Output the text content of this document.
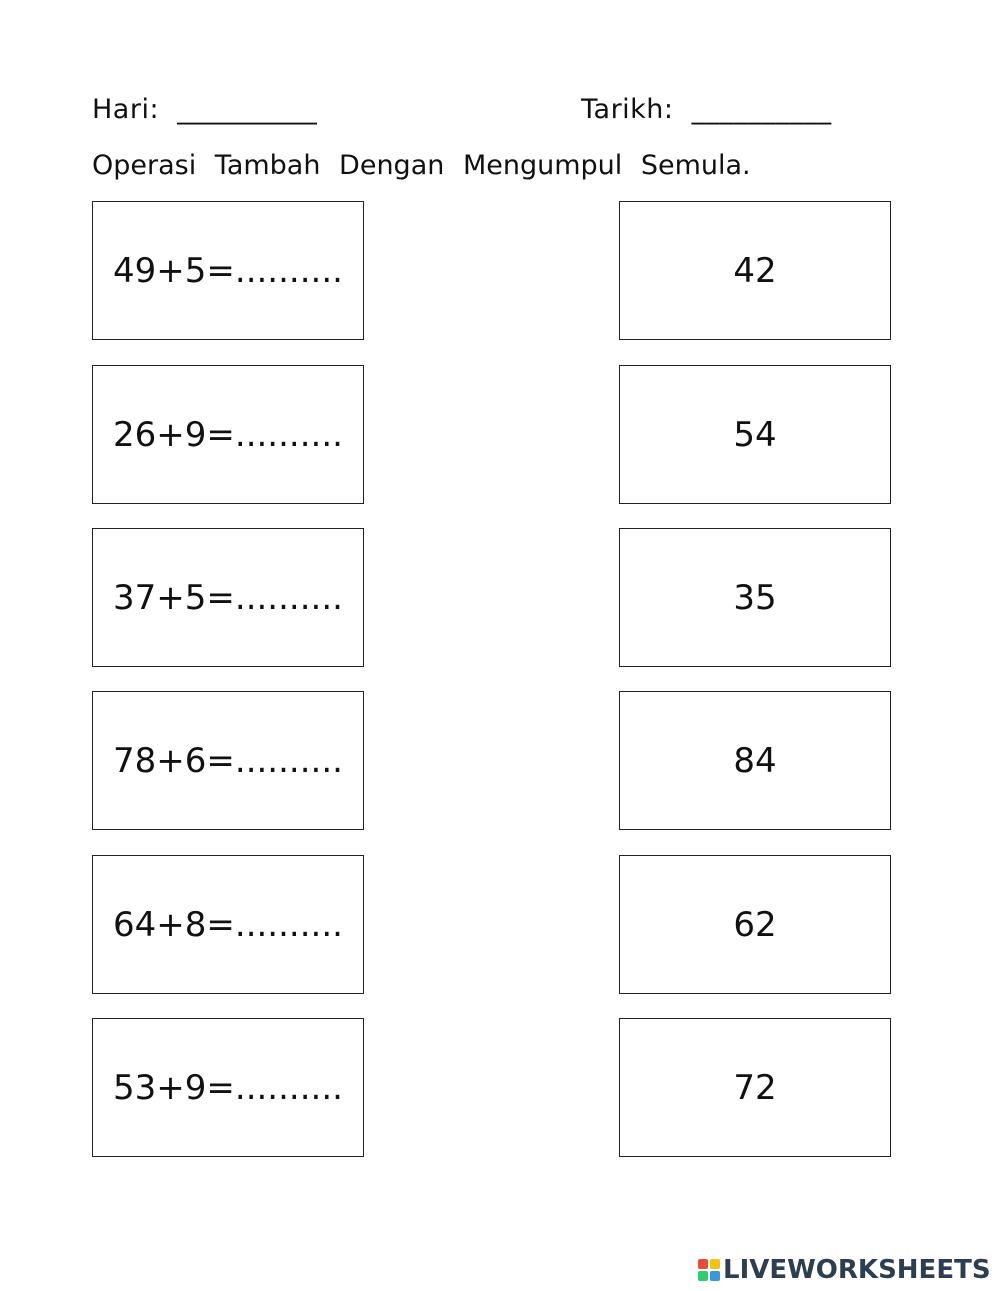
Hari:  __________	Tarikh:  __________
Operasi Tambah Dengan Mengumpul Semula.
49+5=..........
26+9=..........
37+5=..........
78+6=..........
64+8=..........
53+9=..........
42
54
35
84
62
72
LIVEWORKSHEETS
